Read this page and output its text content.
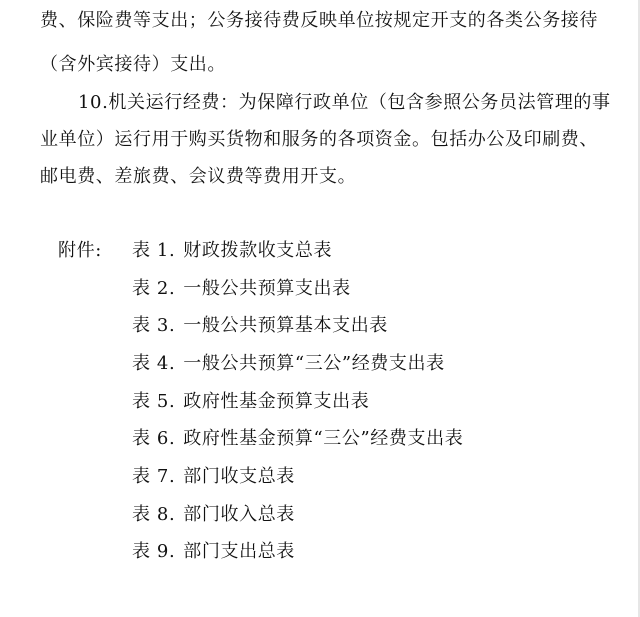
费、保险费等支出；公务接待费反映单位按规定开支的各类公务接待
（含外宾接待）支出。
10.机关运行经费：为保障行政单位（包含参照公务员法管理的事
业单位）运行用于购买货物和服务的各项资金。包括办公及印刷费、
邮电费、差旅费、会议费等费用开支。
附件: 表 1. 财政拨款收支总表
表 2. 一般公共预算支出表
表 3. 一般公共预算基本支出表
表 4. 一般公共预算“三公”经费支出表
表 5. 政府性基金预算支出表
表 6. 政府性基金预算“三公”经费支出表
表 7. 部门收支总表
表 8. 部门收入总表
表 9. 部门支出总表
